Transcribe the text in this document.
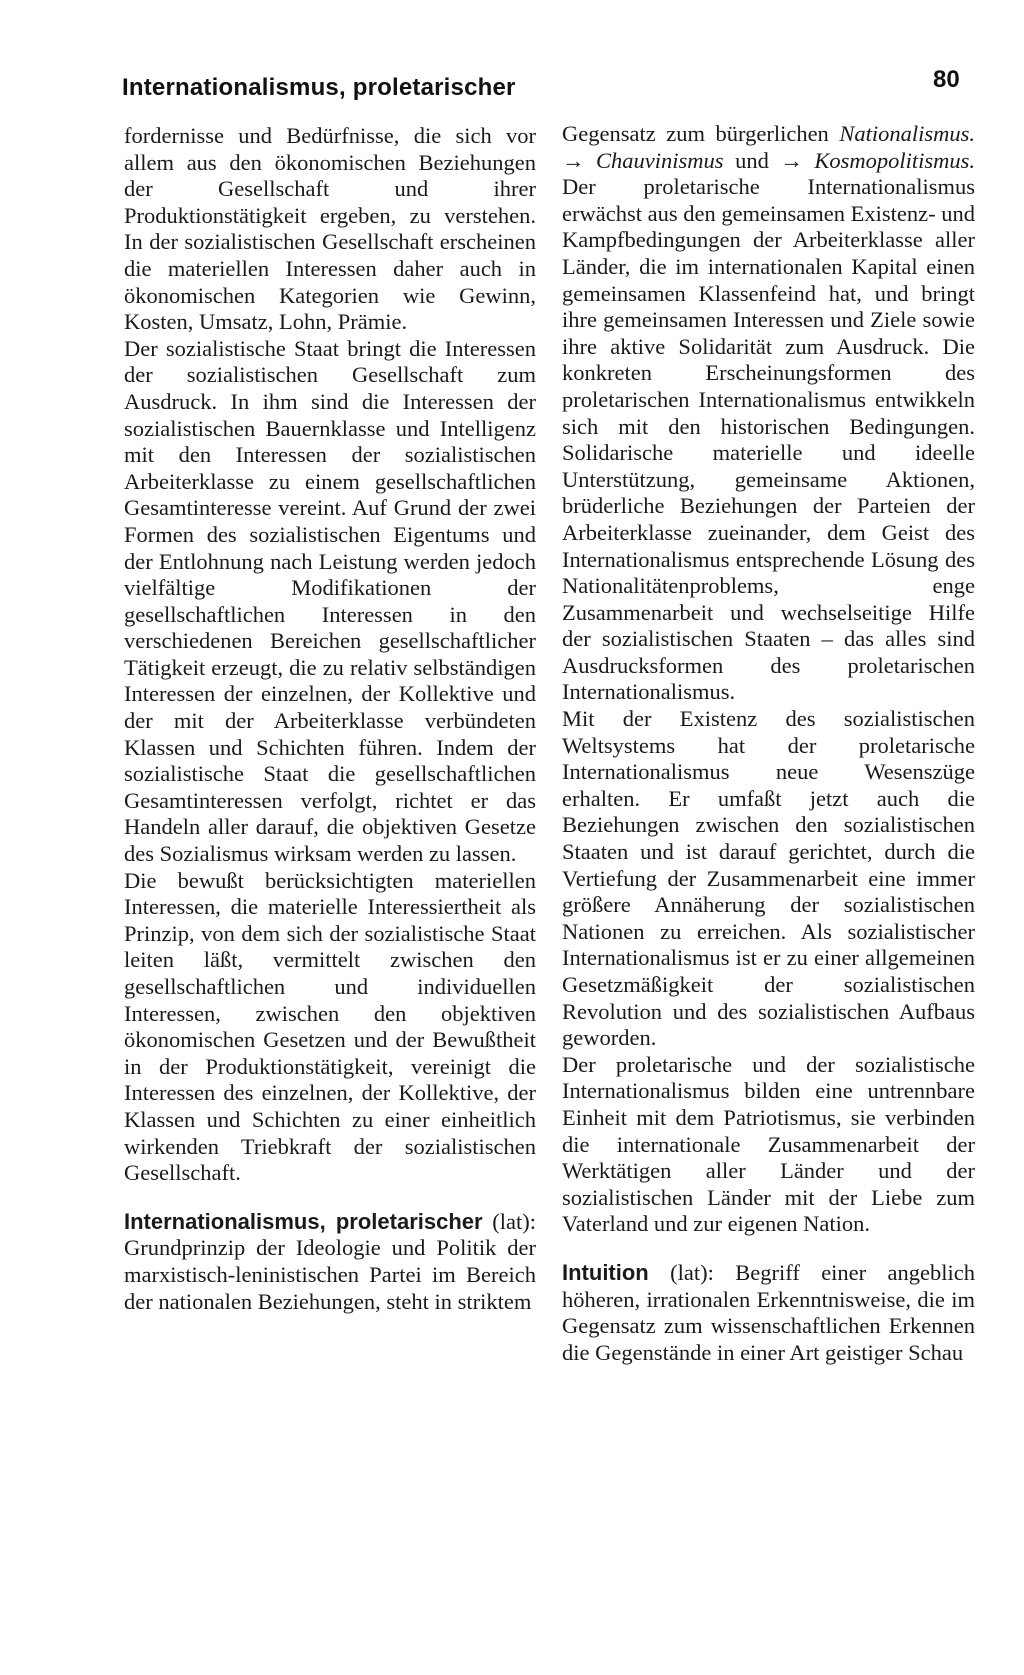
Internationalismus, proletarischer	80

fordernisse und Bedürfnisse, die sich vor allem aus den ökonomischen Beziehungen der Gesellschaft und ihrer Produktionstätigkeit ergeben, zu verstehen. In der sozialistischen Gesellschaft erscheinen die materiellen Interessen daher auch in ökonomischen Kategorien wie Gewinn, Kosten, Umsatz, Lohn, Prämie.

Der sozialistische Staat bringt die Interessen der sozialistischen Gesellschaft zum Ausdruck. In ihm sind die Interessen der sozialistischen Bauernklasse und Intelligenz mit den Interessen der sozialistischen Arbeiterklasse zu einem gesellschaftlichen Gesamtinteresse vereint. Auf Grund der zwei Formen des sozialistischen Eigentums und der Entlohnung nach Leistung werden jedoch vielfältige Modifikationen der gesellschaftlichen Interessen in den verschiedenen Bereichen gesellschaftlicher Tätigkeit erzeugt, die zu relativ selbständigen Interessen der einzelnen, der Kollektive und der mit der Arbeiterklasse verbündeten Klassen und Schichten führen. Indem der sozialistische Staat die gesellschaftlichen Gesamtinteressen verfolgt, richtet er das Handeln aller darauf, die objektiven Gesetze des Sozialismus wirksam werden zu lassen.

Die bewußt berücksichtigten materiellen Interessen, die materielle Interessiertheit als Prinzip, von dem sich der sozialistische Staat leiten läßt, vermittelt zwischen den gesellschaftlichen und individuellen Interessen, zwischen den objektiven ökonomischen Gesetzen und der Bewußtheit in der Produktionstätigkeit, vereinigt die Interessen des einzelnen, der Kollektive, der Klassen und Schichten zu einer einheitlich wirkenden Triebkraft der sozialistischen Gesellschaft.

Internationalismus, proletarischer (lat): Grundprinzip der Ideologie und Politik der marxistisch-leninistischen Partei im Bereich der nationalen Beziehungen, steht in striktem

Gegensatz zum bürgerlichen Nationalismus. → Chauvinismus und → Kosmopolitismus. Der proletarische Internationalismus erwächst aus den gemeinsamen Existenz- und Kampfbedingungen der Arbeiterklasse aller Länder, die im internationalen Kapital einen gemeinsamen Klassenfeind hat, und bringt ihre gemeinsamen Interessen und Ziele sowie ihre aktive Solidarität zum Ausdruck. Die konkreten Erscheinungsformen des proletarischen Internationalismus entwikkeln sich mit den historischen Bedingungen. Solidarische materielle und ideelle Unterstützung, gemeinsame Aktionen, brüderliche Beziehungen der Parteien der Arbeiterklasse zueinander, dem Geist des Internationalismus entsprechende Lösung des Nationalitätenproblems, enge Zusammenarbeit und wechselseitige Hilfe der sozialistischen Staaten – das alles sind Ausdrucksformen des proletarischen Internationalismus.

Mit der Existenz des sozialistischen Weltsystems hat der proletarische Internationalismus neue Wesenszüge erhalten. Er umfaßt jetzt auch die Beziehungen zwischen den sozialistischen Staaten und ist darauf gerichtet, durch die Vertiefung der Zusammenarbeit eine immer größere Annäherung der sozialistischen Nationen zu erreichen. Als sozialistischer Internationalismus ist er zu einer allgemeinen Gesetzmäßigkeit der sozialistischen Revolution und des sozialistischen Aufbaus geworden.

Der proletarische und der sozialistische Internationalismus bilden eine untrennbare Einheit mit dem Patriotismus, sie verbinden die internationale Zusammenarbeit der Werktätigen aller Länder und der sozialistischen Länder mit der Liebe zum Vaterland und zur eigenen Nation.

Intuition (lat): Begriff einer angeblich höheren, irrationalen Erkenntnisweise, die im Gegensatz zum wissenschaftlichen Erkennen die Gegenstände in einer Art geistiger Schau
